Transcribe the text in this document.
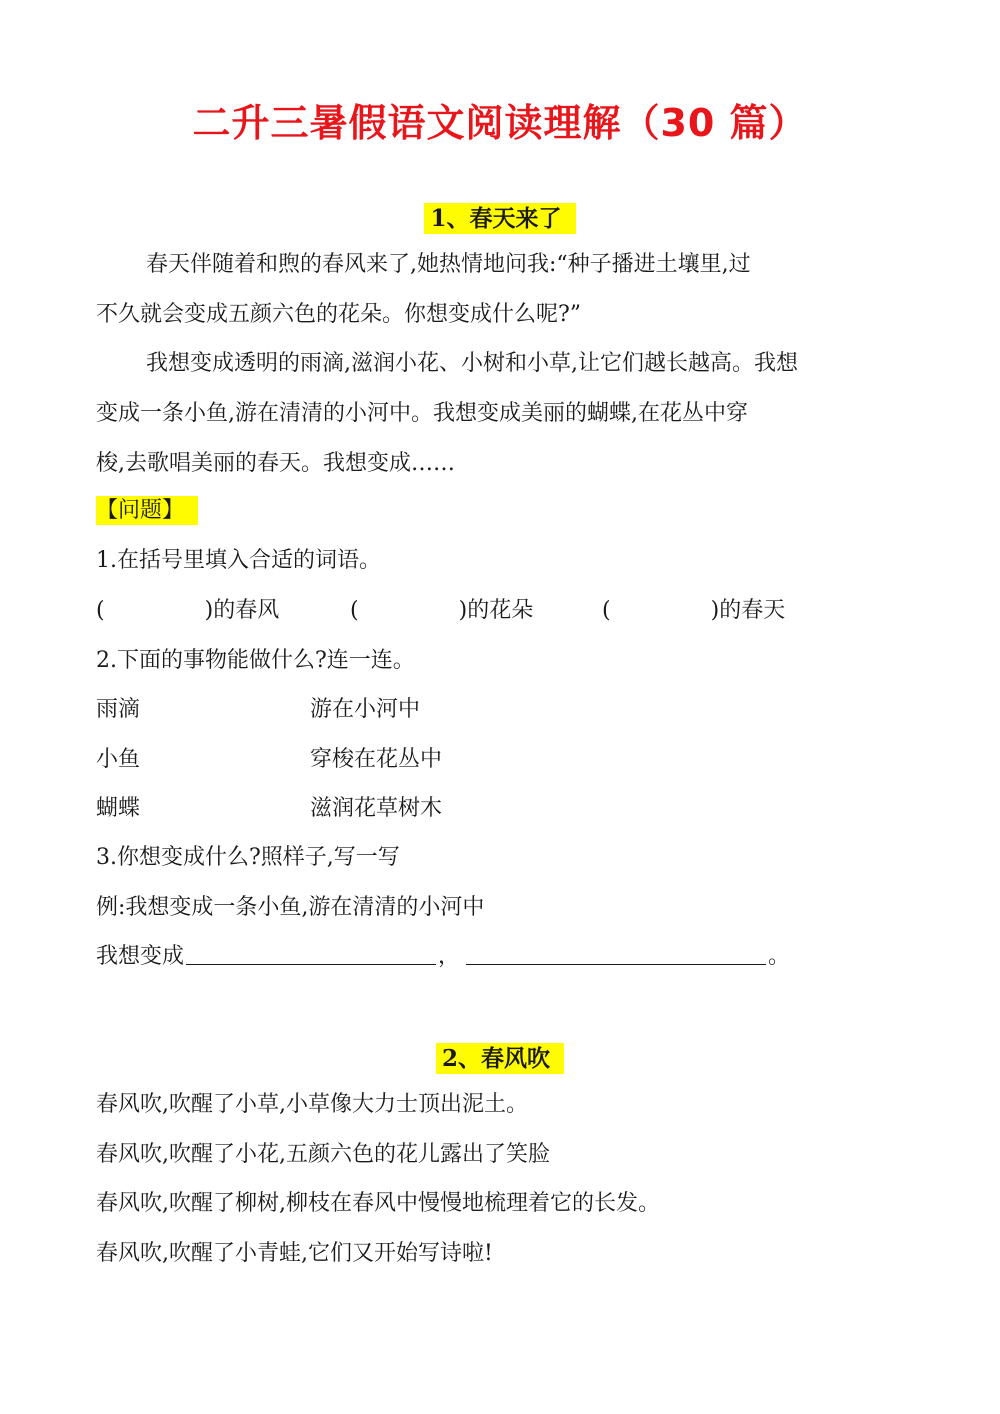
二升三暑假语文阅读理解（30 篇）
1、春天来了
春天伴随着和煦的春风来了,她热情地问我:“种子播进土壤里,过
不久就会变成五颜六色的花朵。你想变成什么呢?”
我想变成透明的雨滴,滋润小花、小树和小草,让它们越长越高。我想
变成一条小鱼,游在清清的小河中。我想变成美丽的蝴蝶,在花丛中穿
梭,去歌唱美丽的春天。我想变成……
【问题】
1.在括号里填入合适的词语。
(	)的春风	(	)的花朵	(	)的春天
2.下面的事物能做什么?连一连。
雨滴	游在小河中
小鱼	穿梭在花丛中
蝴蝶	滋润花草树木
3.你想变成什么?照样子,写一写
例:我想变成一条小鱼,游在清清的小河中
我想变成	，	。
2、春风吹
春风吹,吹醒了小草,小草像大力士顶出泥土。
春风吹,吹醒了小花,五颜六色的花儿露出了笑脸
春风吹,吹醒了柳树,柳枝在春风中慢慢地梳理着它的长发。
春风吹,吹醒了小青蛙,它们又开始写诗啦!
